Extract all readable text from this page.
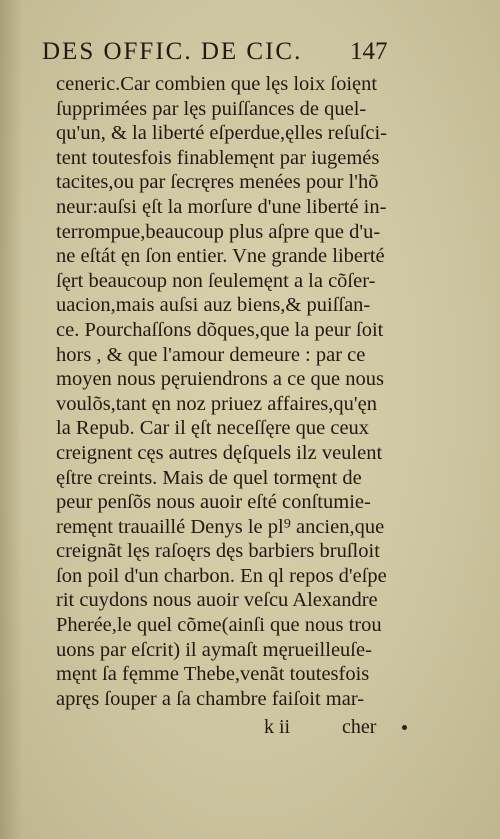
DES OFFIC. DE CIC. 147
ceneric.Car combien que lęs loix ſoięnt
ſupprimées par lęs puiſſances de quel-
qu'un, & la liberté eſperdue,ęlles reſuſci-
tent toutesfois finablemęnt par iugemés
tacites,ou par ſecręres menées pour l'hõ
neur:auſsi ęſt la morſure d'une liberté in-
terrompue,beaucoup plus aſpre que d'u-
ne eſtát ęn ſon entier. Vne grande liberté
ſęrt beaucoup non ſeulemęnt a la cõſer-
uacion,mais auſsi auz biens,& puiſſan-
ce. Pourchaſſons dõques,que la peur ſoit
hors , & que l'amour demeure : par ce
moyen nous pęruiendrons a ce que nous
voulõs,tant ęn noz priuez affaires,qu'ęn
la Repub. Car il ęſt neceſſęre que ceux
creignent cęs autres dęſquels ilz veulent
ęſtre creints. Mais de quel tormęnt de
peur penſõs nous auoir eſté conſtumie-
remęnt trauaillé Denys le pl⁹ ancien,que
creignãt lęs raſoęrs dęs barbiers bruſloit
ſon poil d'un charbon. En ql repos d'eſpe
rit cuydons nous auoir veſcu Alexandre
Pherée,le quel cõme(ainſi que nous trou
uons par eſcrit) il aymaſt męrueilleuſe-
męnt ſa fęmme Thebe,venãt toutesfois
apręs ſouper a ſa chambre faiſoit mar-
k ii	cher
